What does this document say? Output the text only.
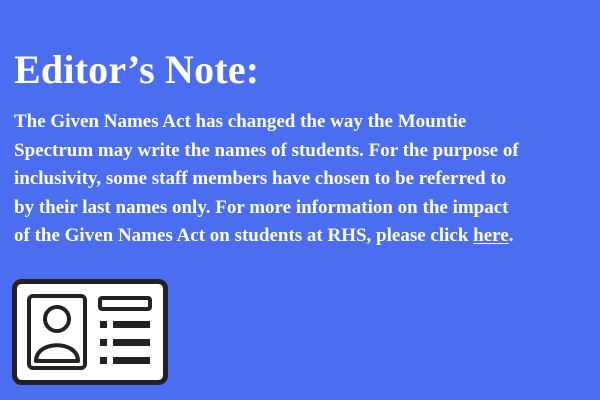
Editor’s Note:

The Given Names Act has changed the way the Mountie
Spectrum may write the names of students. For the purpose of
inclusivity, some staff members have chosen to be referred to
by their last names only. For more information on the impact
of the Given Names Act on students at RHS, please click here.
